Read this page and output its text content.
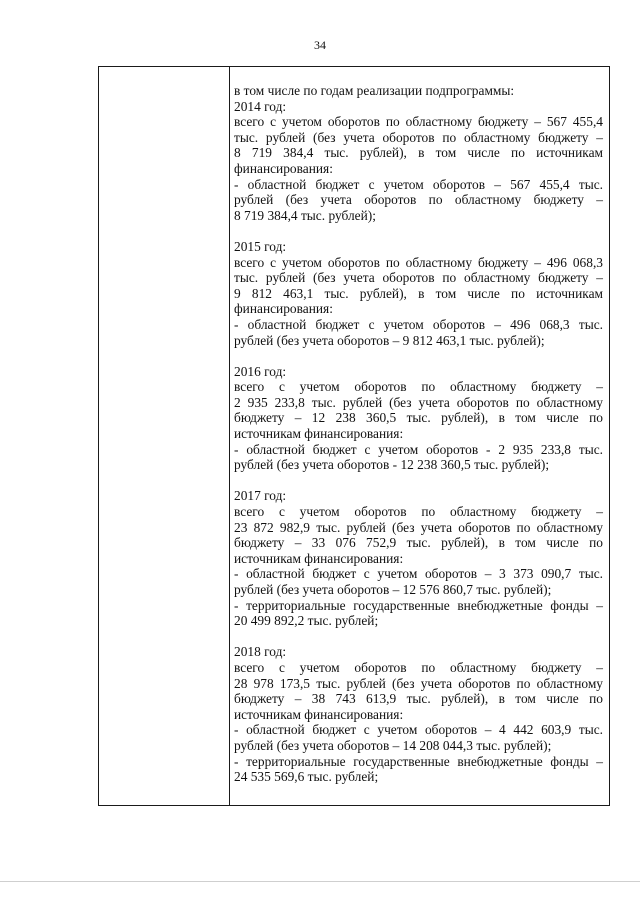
34
в том числе по годам реализации подпрограммы:
2014 год:
всего с учетом оборотов по областному бюджету – 567 455,4
тыс. рублей (без учета оборотов по областному бюджету –
8 719 384,4 тыс. рублей), в том числе по источникам
финансирования:
- областной бюджет с учетом оборотов – 567 455,4 тыс.
рублей (без учета оборотов по областному бюджету –
8 719 384,4 тыс. рублей);
2015 год:
всего с учетом оборотов по областному бюджету – 496 068,3
тыс. рублей (без учета оборотов по областному бюджету –
9 812 463,1 тыс. рублей), в том числе по источникам
финансирования:
- областной бюджет с учетом оборотов – 496 068,3 тыс.
рублей (без учета оборотов – 9 812 463,1 тыс. рублей);
2016 год:
всего с учетом оборотов по областному бюджету –
2 935 233,8 тыс. рублей (без учета оборотов по областному
бюджету – 12 238 360,5 тыс. рублей), в том числе по
источникам финансирования:
- областной бюджет с учетом оборотов - 2 935 233,8 тыс.
рублей (без учета оборотов - 12 238 360,5 тыс. рублей);
2017 год:
всего с учетом оборотов по областному бюджету –
23 872 982,9 тыс. рублей (без учета оборотов по областному
бюджету – 33 076 752,9 тыс. рублей), в том числе по
источникам финансирования:
- областной бюджет с учетом оборотов – 3 373 090,7 тыс.
рублей (без учета оборотов – 12 576 860,7 тыс. рублей);
- территориальные государственные внебюджетные фонды –
20 499 892,2 тыс. рублей;
2018 год:
всего с учетом оборотов по областному бюджету –
28 978 173,5 тыс. рублей (без учета оборотов по областному
бюджету – 38 743 613,9 тыс. рублей), в том числе по
источникам финансирования:
- областной бюджет с учетом оборотов – 4 442 603,9 тыс.
рублей (без учета оборотов – 14 208 044,3 тыс. рублей);
- территориальные государственные внебюджетные фонды –
24 535 569,6 тыс. рублей;
